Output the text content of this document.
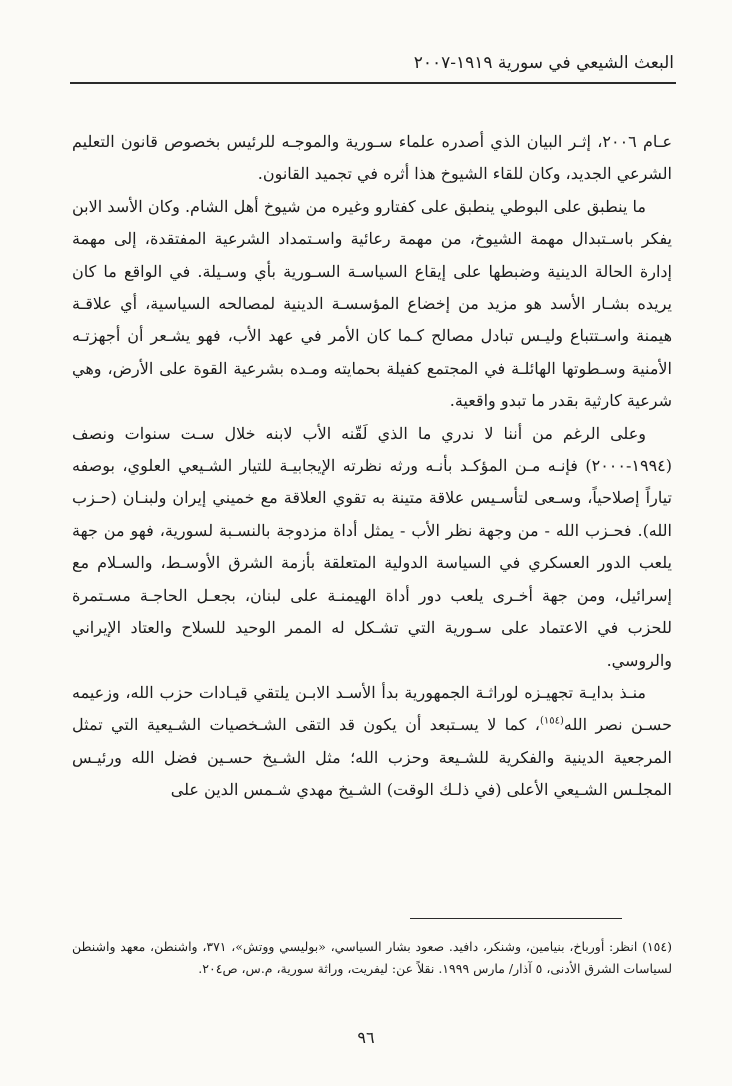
البعث الشيعي في سورية ١٩١٩-٢٠٠٧

عـام ٢٠٠٦، إثـر البيان الذي أصدره علماء سـورية والموجـه للرئيس بخصوص قانون التعليم الشرعي الجديد، وكان للقاء الشيوخ هذا أثره في تجميد القانون.

ما ينطبق على البوطي ينطبق على كفتارو وغيره من شيوخ أهل الشام. وكان الأسد الابن يفكر باسـتبدال مهمة الشيوخ، من مهمة رعائية واسـتمداد الشرعية المفتقدة، إلى مهمة إدارة الحالة الدينية وضبطها على إيقاع السياسـة السـورية بأي وسـيلة. في الواقع ما كان يريده بشـار الأسد هو مزيد من إخضاع المؤسسـة الدينية لمصالحه السياسية، أي علاقـة هيمنة واسـتتباع وليـس تبادل مصالح كـما كان الأمر في عهد الأب، فهو يشـعر أن أجهزتـه الأمنية وسـطوتها الهائلـة في المجتمع كفيلة بحمايته ومـده بشرعية القوة على الأرض، وهي شرعية كارثية بقدر ما تبدو واقعية.

وعلى الرغم من أننا لا ندري ما الذي لَقّنه الأب لابنه خلال سـت سنوات ونصف (١٩٩٤-٢٠٠٠) فإنـه مـن المؤكـد بأنـه ورثه نظرته الإيجابيـة للتيار الشـيعي العلوي، بوصفه تياراً إصلاحياً، وسـعى لتأسـيس علاقة متينة به تقوي العلاقة مع خميني إيران ولبنـان (حـزب الله). فحـزب الله - من وجهة نظر الأب - يمثل أداة مزدوجة بالنسـبة لسورية، فهو من جهة يلعب الدور العسكري في السياسة الدولية المتعلقة بأزمة الشرق الأوسـط، والسـلام مع إسرائيل، ومن جهة أخـرى يلعب دور أداة الهيمنـة على لبنان، بجعـل الحاجـة مسـتمرة للحزب في الاعتماد على سـورية التي تشـكل له الممر الوحيد للسلاح والعتاد الإيراني والروسي.

منـذ بدايـة تجهيـزه لوراثـة الجمهورية بدأ الأسـد الابـن يلتقي قيـادات حزب الله، وزعيمه حسـن نصر الله$^{(١٥٤)}$، كما لا يسـتبعد أن يكون قد التقى الشـخصيات الشـيعية التي تمثل المرجعية الدينية والفكرية للشـيعة وحزب الله؛ مثل الشـيخ حسـين فضل الله ورئيـس المجلـس الشـيعي الأعلى (في ذلـك الوقت) الشـيخ مهدي شـمس الدين على

(١٥٤) انظر: أورباخ، بنيامين، وشنكر، دافيد. صعود بشار السياسي، «بوليسي ووتش»، ٣٧١، واشنطن، معهد واشنطن لسياسات الشرق الأدنى، ٥ آذار/ مارس ١٩٩٩. نقلاً عن: ليفريت، وراثة سورية، م.س، ص٢٠٤.
٩٦
